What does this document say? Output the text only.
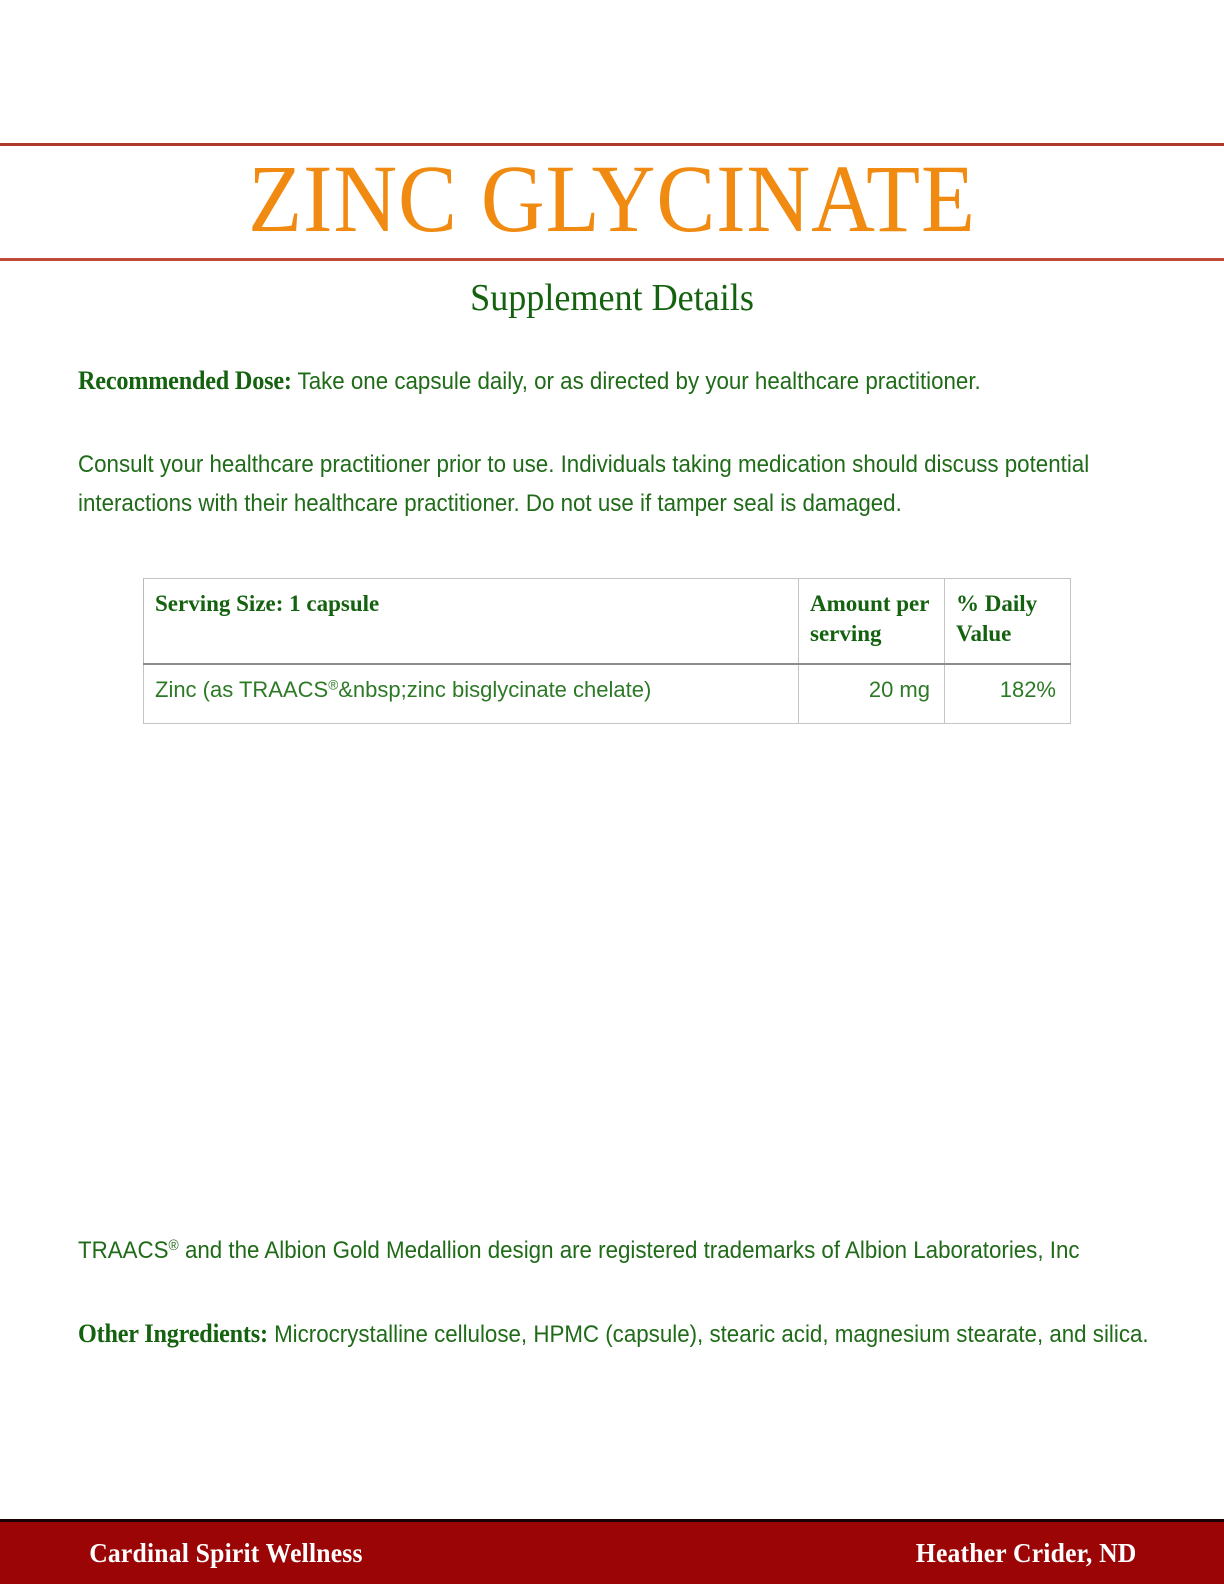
ZINC GLYCINATE
Supplement Details

Recommended Dose: Take one capsule daily, or as directed by your healthcare practitioner.

Consult your healthcare practitioner prior to use. Individuals taking medication should discuss potential interactions with their healthcare practitioner. Do not use if tamper seal is damaged.

Serving Size: 1 capsule	Amount per serving	% Daily Value
Zinc (as TRAACS®&nbsp;zinc bisglycinate chelate)	20 mg	182%

TRAACS® and the Albion Gold Medallion design are registered trademarks of Albion Laboratories, Inc

Other Ingredients: Microcrystalline cellulose, HPMC (capsule), stearic acid, magnesium stearate, and silica.

Cardinal Spirit Wellness	Heather Crider, ND
